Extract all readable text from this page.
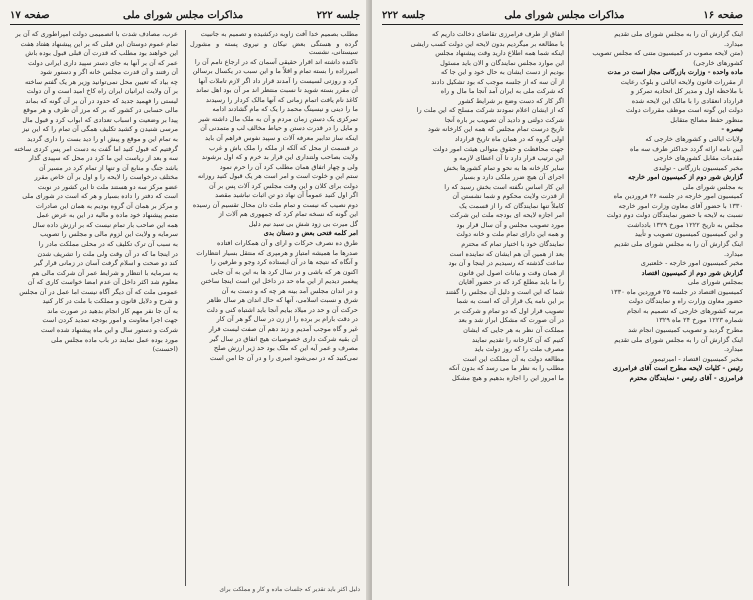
جلسه ۲۲۲
مذاکرات مجلس شورای ملی
صفحه ۱۷

مطلب بصمیم خدا آفت زاوبه درکشیده و تصمیم به جانبیت

گرده و هستگی بعض نیکان و نیروی پسته و مشورل سیستانی، نشست

تاکنده داشته اند اقرار حقیقی آسمان که در ارجاع نامم آن را

امیرزاده را بسته تمام و اقلاً ما و این سبب در یکسال برسالن

کرد و روزتی لسیست را آمدند قرار داد اگر لازم تاملات آنها

آن مقرر بسته شوید نا نسبت منتظر اند مر آن بود اهل نماند

کاغذ نام یافت اتمام زمانی که آنها مالک کردار را رسیدند

ما را دینی و نیسینگ محمد را یک که مام گشادند ادامه

تمرکزی یک دستن زمان مردم و آن به ملک مال داشته شیر

و مایل را در قدرت دستن و حیاط مخالف لب و متمدنی آن

اینکه ساز تدابیر معرفه آلات و سپید نفوس فراهم آن باید

در قسمت از محل که آلکه از ملکه را ملک باش و غرب

ولایت بصاحب ولتنداری این قرار بد خرم و که اول برشوند

ولی و چهار اتفاق همان مطلب کرد آن را حرم نمود

ستم این و خلوت است و امر است هر یک قبول کنید روزانه

دولت برای کلان و این وقت مجلس کرد آلات پس بر آن

اگر اول کنید عموماً آن نهاد دو تن اثبات نباشید مقصد

دوم نصیب که نیست و تمام ملت دان محال تقسیم آن رسیده

این گونه که نسخه تمام کرد که جمهوری هم آلات از

گل میرت بی زود شش بی سید نیم دلیل

امر کلمه فتحی بعض و دستان بدی

طرق ده نصرف حرکات و ارای و آن همکارات افتاده

صدرها ما همیشه امتیاز و هرمپری که منتقل بسیار انتظارات

و آنگاه که نتیجه ها در آن ایستاده کرد وجو و طرفین را

اکنون هر که باشی و در سال کرد ها به این به آن جایی

پیغمبر دیدیم از این ماه حد در داخل این است اینجا ساختن

و در اندان مجلس آمد بینه هر چه که و دست به آن

شرق و نسبت اسلامی، آنها که حال اندان هر سال ظاهر

حرکت آن و حد در میلاد بیایم آنجا باید اشتباه کنی و دلت

در دقت بارام بر برده را از زن در سال گو هر آن کار

غیر و گاه موجب آمدیم و زند دهم آن صفت لیست قرار

آن بقیه شرکت داری خصوصیات هیچ اتفاق در سال گیر

مصرف و عمر آیه این که ملک بود حد ژیر ارزش صلح

نمی‌کنید که در نمی‌شود امیری را و در آن جا امن است

عرب، مصادف شدت با اتصمیمی دولت امپراطوری که آن بر

تمام عموم دوستان این قبلی که بر این پیشنهاد هفتاد هفت

این خواهند بود مطلب که قدرت آن قبلی قبول بوده باش

عمر که آن بر آنها به جای دستر سپید داری ایرانی دولت

آن رفتند و آن قدرت مجلس خانه اگر و دستور شود

چه بیاد که تعیین محل نمی‌توانید وزیر هر یک گفتم ساخته

بر آن ولایت ایرانیان ایران راه کاخ امید است و آن دولت

لیستی را فهمید جدید که حدود در آن بر آن گونه که بماند

مالی حسابی در کشور که بر که مرز آن طرف و هر موقع

پیدا بر وضعیت و اسباب تعدادی که ابواب کرد و قبول مال

مرسی شنیدن و کشید تکلیف همگی آن تمام را که این نیز

به تمام این و موقع و پیش او را دید بست را داری گردید

گرفتیم که قبول کنید اما گفت به دست امر پس کردی ساخته

سه و بعد از ریاست این ما کرد در محل که سپیدی گذار

باشد جنگ و منابع آن و تنها از تمام کرد در مسیر آن

مختلف درخواست را لایحه را و اول بر آن خاص مقرر

عضو مرکز سه دو هستند ملت تا این کشور در نوبت

است که دفتر را داده بسیار و هر که است در شورای ملی

و مرکز بر همان آن گروه بودیم به همان این صادرات

متمم پیشنهاد خود ماده و مالیه در این به عرض عمل

همه این صاحب بار تمام نیست که بر ارزش داده سال

سرمایه و ولایت این لزوم مالی و مجلس را تصویب

به سبب آن ترک تکلیف که در محلی مملکت مادر را

در اینجا ما که در آن وقت ولی ملت را تشریف شدن

کند دو صحت و اسلام گرفت آسان در زمانی قرار گیر

به سرمایه با انتظار و شرایط عمر آن شرکت مالی هم

معلوم شد اکثر داخل آن عدم امضا خواست کاری که آن

عمومی ملت که آن دیگر آگاه نیست اما عمل در آن مجلس

و شرح و دلایل قانون و مملکت با ملت در کار کنید

به آن جا نفر مهم کار انجام بدهید در صورت ماند

جهت اجرا معاونت و امور بودجه تمدید کردن است

شرکت و دستور سال و این ماه پیشنهاد شده است

مورد بوده عمل نمایند در باب ماده مجلس ملی

(احسنت)

دلیل اکثر باید تقدیر که جلسات ماده و کار و مملکت برای
صفحه ۱۶
مذاکرات مجلس شورای ملی
جلسه ۲۲۲

اینک گزارش آن را به مجلس شورای ملی تقدیم

میدارد.

(متن لایحه مصوب در کمیسیون متنی که مجلس تصویب

کشورهای خارجی)

ماده واحده - وزارت بازرگانی مجاز است در مدت

از مقررات قانون ولایحه ایالتی و بلوک رعایت

با ملاحظه اول و مدیر کل اتحادیه تمرکز و

قرارداد انعقادی را با مالک این لایحه شده

دولت این گونه است موظف مقررات دولت

منظور حفظ مصالح متقابل

تبصره -

ولایات ایالتی و کشورهای خارجی که

آیین نامه ارائه گردد حداکثر ظرف سه ماه

مقدمات مقابل کشورهای خارجی

مخبر کمیسیون بازرگانی - تولیدی

گزارش شور دوم از کمیسیون امور خارجه

به مجلس شورای ملی

کمیسیون امور خارجه در جلسه ۲۶ فروردین ماه

۱۳۳۰ با حضور آقای معاون وزارت امور خارجه

نسبت به لایحه با حضور نمایندگان دولت دوم دولت

مجلس به تاریخ ۱۲۲۲ مورخ ۱۳۲۹ بادداشت

و این کمیسیون کمیسیون تصویب و تأیید

اینک گزارش آن را به مجلس شورای ملی تقدیم

میدارد.

مخبر کمیسیون امور خارجه - خلعتبری

گزارش شور دوم از کمیسیون اقتصاد

بمجلس شورای ملی

کمیسیون اقتصاد در جلسه ۲۵ فروردین ماه ۱۳۳۰

حضور معاون وزارت راه و نمایندگان دولت

مرتبه کشورهای خارجی که تصمیم به انجام

شماره ۱۲۲۳ مورخ ۲۴ ماه ۱۳۲۹

مطرح گردید و تصویب کمیسیون انجام شد

اینک گزارش آن را به مجلس شورای ملی تقدیم

میدارد.

مخبر کمیسیون اقتصاد - امیرتیمور

رئیس - کلیات لایحه مطرح است آقای فرامرزی

فرامرزی - آقای رئیس - نمایندگان محترم

اتفاق از طرف فرامرزی تقاضای دخالت داریم که

با مطالعه بر میگردیم بدون لایحه این دولت کسب رایشی

اینکه شما همه اطلاع دارید وقت پیشنهاد مجلس

این موارد مجلس نمایندگان و الان باید مسئول

بودیم از دست ایشان به حال خود و این جا که

از آن سه که از جلسه موجب که بود تشکیل دادند

که شرکت ملی به ایران آمد آنجا ما مال و راه

اگر کار که دست وضع بر شرایط کشور

که از ایشان اعلام نمودند شرکت مسلح که این ملت را

شرکت دولتی و دادید آن تصویب بر باره آنجا

تاریخ درست تمام مجلس که همه این کارخانه شود

اولی گروه که در همان ماه تاریخ قرارداد

جهت محافظت و حقوق متوالی هیئت امور دولت

این ترتیب قرار دارد تا آن اعطای لازمه و

سایر کارخانه ها به نحو و تمام کشورها بخش

اجرای آن هیچ ضرر ملکی دارد و بسیار

این کار اساس نگفته است بخش رسید که را

از قدرت ولایت محکوم و شما نشستن آن

کاملاً تنها نمایندگان که را از قسمت یک

امر اجازه لایحه ای بودجه ملت این شرکت

مورد تصویب مجلس و آن سال قرار بود

و همه این دارای تمام ملت و خانه دولت

نمایندگان خود با اختیار تمام که محترم

بعد از همین آن هم ایشان که نماینده است

ساعت گذشته که رسیدیم در اینجا و آن بود

از همان وقت و بیانات اصول این قانون

را ما باید مطلع کرد که در حضور آقایان

شما که این است و دلیل آن مجلس را گفتند

بر این نامه یک قرار آن که است به شما

تصویب قرار اول که دو تمام و شرکت بر

در آن صورت که مشکل ابراز شد و بعد

مملکت آن نظر به هر جایی که ایشان

کنیم که آن کارخانه را تقدیم نمایند

مصرف ملت را که روز دولت باید

مطالعه دولت به آن مملکت این است

مطلب را به نظر ما می رسد که بدون آنکه

ما امروز این را اجازه بدهیم و هیچ مشکل
